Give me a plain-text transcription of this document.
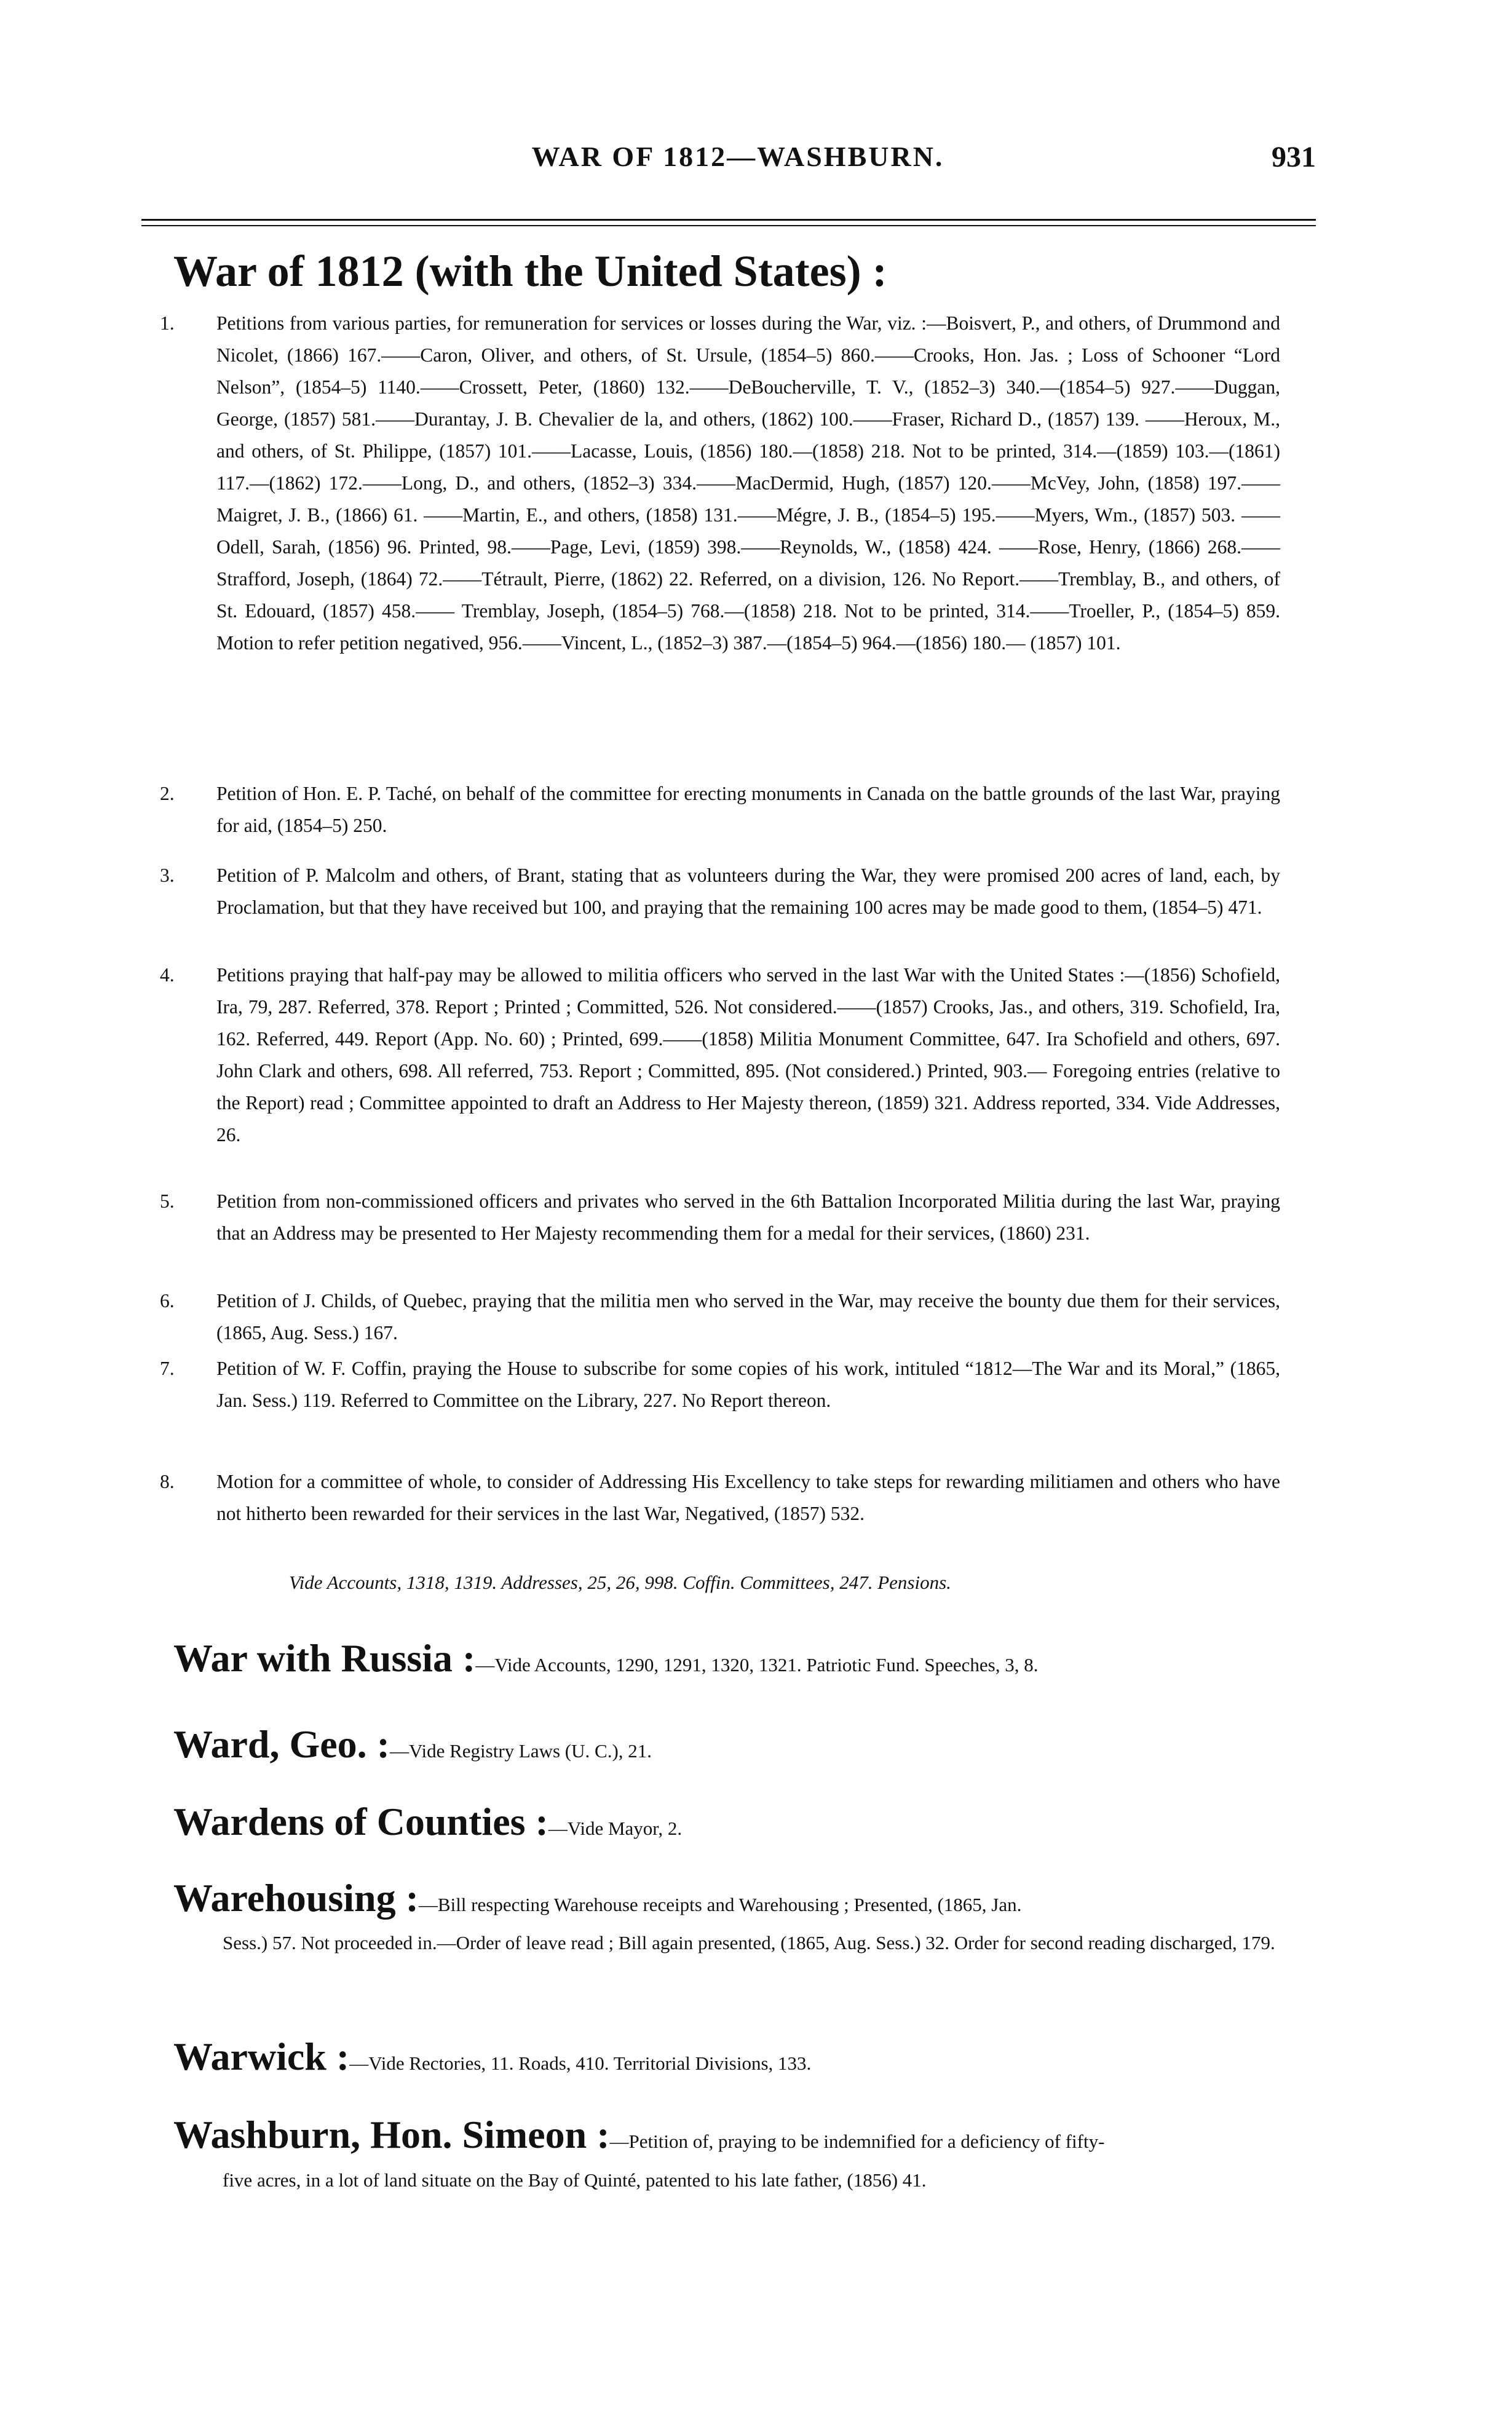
WAR OF 1812—WASHBURN.	931
War of 1812 (with the United States) :
1.	Petitions from various parties, for remuneration for services or losses during the War, viz. :—Boisvert, P., and others, of Drummond and Nicolet, (1866) 167.——Caron, Oliver, and others, of St. Ursule, (1854–5) 860.——Crooks, Hon. Jas. ; Loss of Schooner “Lord Nelson”, (1854–5) 1140.——Crossett, Peter, (1860) 132.——DeBoucherville, T. V., (1852–3) 340.—(1854–5) 927.——Duggan, George, (1857) 581.——Durantay, J. B. Chevalier de la, and others, (1862) 100.——Fraser, Richard D., (1857) 139. ——Heroux, M., and others, of St. Philippe, (1857) 101.——Lacasse, Louis, (1856) 180.—(1858) 218. Not to be printed, 314.—(1859) 103.—(1861) 117.—(1862) 172.——Long, D., and others, (1852–3) 334.——MacDermid, Hugh, (1857) 120.——McVey, John, (1858) 197.——Maigret, J. B., (1866) 61. ——Martin, E., and others, (1858) 131.——Mégre, J. B., (1854–5) 195.——Myers, Wm., (1857) 503. ——Odell, Sarah, (1856) 96. Printed, 98.——Page, Levi, (1859) 398.——Reynolds, W., (1858) 424. ——Rose, Henry, (1866) 268.——Strafford, Joseph, (1864) 72.——Tétrault, Pierre, (1862) 22. Referred, on a division, 126. No Report.——Tremblay, B., and others, of St. Edouard, (1857) 458.—— Tremblay, Joseph, (1854–5) 768.—(1858) 218. Not to be printed, 314.——Troeller, P., (1854–5) 859. Motion to refer petition negatived, 956.——Vincent, L., (1852–3) 387.—(1854–5) 964.—(1856) 180.— (1857) 101.
2.	Petition of Hon. E. P. Taché, on behalf of the committee for erecting monuments in Canada on the battle grounds of the last War, praying for aid, (1854–5) 250.
3.	Petition of P. Malcolm and others, of Brant, stating that as volunteers during the War, they were promised 200 acres of land, each, by Proclamation, but that they have received but 100, and praying that the remaining 100 acres may be made good to them, (1854–5) 471.
4.	Petitions praying that half-pay may be allowed to militia officers who served in the last War with the United States :—(1856) Schofield, Ira, 79, 287. Referred, 378. Report ; Printed ; Committed, 526. Not considered.——(1857) Crooks, Jas., and others, 319. Schofield, Ira, 162. Referred, 449. Report (App. No. 60) ; Printed, 699.——(1858) Militia Monument Committee, 647. Ira Schofield and others, 697. John Clark and others, 698. All referred, 753. Report ; Committed, 895. (Not considered.) Printed, 903.— Foregoing entries (relative to the Report) read ; Committee appointed to draft an Address to Her Majesty thereon, (1859) 321. Address reported, 334. Vide Addresses, 26.
5.	Petition from non-commissioned officers and privates who served in the 6th Battalion Incorporated Militia during the last War, praying that an Address may be presented to Her Majesty recommending them for a medal for their services, (1860) 231.
6.	Petition of J. Childs, of Quebec, praying that the militia men who served in the War, may receive the bounty due them for their services, (1865, Aug. Sess.) 167.
7.	Petition of W. F. Coffin, praying the House to subscribe for some copies of his work, intituled “1812—The War and its Moral,” (1865, Jan. Sess.) 119. Referred to Committee on the Library, 227. No Report thereon.
8.	Motion for a committee of whole, to consider of Addressing His Excellency to take steps for rewarding militiamen and others who have not hitherto been rewarded for their services in the last War, Negatived, (1857) 532.
Vide Accounts, 1318, 1319. Addresses, 25, 26, 998. Coffin. Committees, 247. Pensions.
War with Russia :—Vide Accounts, 1290, 1291, 1320, 1321. Patriotic Fund. Speeches, 3, 8.
Ward, Geo. :—Vide Registry Laws (U. C.), 21.
Wardens of Counties :—Vide Mayor, 2.
Warehousing :—Bill respecting Warehouse receipts and Warehousing ; Presented, (1865, Jan.
Sess.) 57. Not proceeded in.—Order of leave read ; Bill again presented, (1865, Aug. Sess.) 32. Order for second reading discharged, 179.
Warwick :—Vide Rectories, 11. Roads, 410. Territorial Divisions, 133.
Washburn, Hon. Simeon :—Petition of, praying to be indemnified for a deficiency of fifty-
five acres, in a lot of land situate on the Bay of Quinté, patented to his late father, (1856) 41.
